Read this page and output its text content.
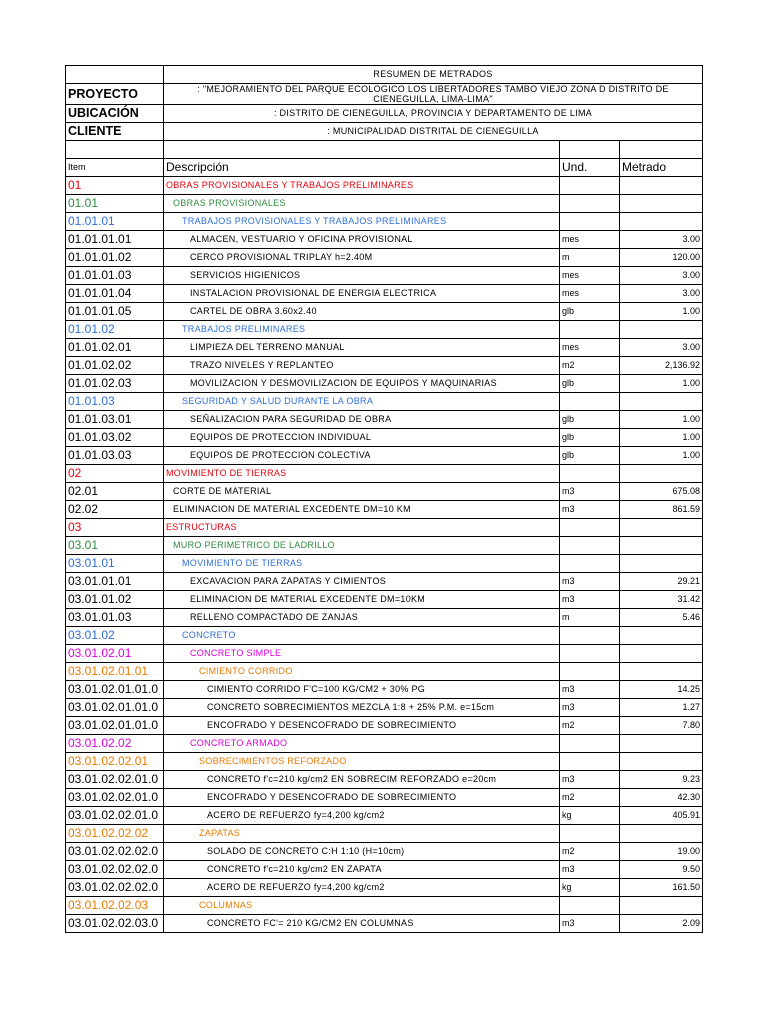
	RESUMEN DE METRADOS		
PROYECTO	: "MEJORAMIENTO DEL PARQUE ECOLOGICO LOS LIBERTADORES TAMBO VIEJO ZONA D DISTRITO DE CIENEGUILLA, LIMA-LIMA"		
UBICACIÓN	: DISTRITO DE CIENEGUILLA, PROVINCIA Y DEPARTAMENTO DE LIMA		
CLIENTE	: MUNICIPALIDAD DISTRITAL DE CIENEGUILLA		

Item	Descripción	Und.	Metrado
01	OBRAS PROVISIONALES Y TRABAJOS PRELIMINARES		
01.01	OBRAS PROVISIONALES		
01.01.01	TRABAJOS PROVISIONALES Y TRABAJOS PRELIMINARES		
01.01.01.01	ALMACEN, VESTUARIO Y OFICINA PROVISIONAL	mes	3.00
01.01.01.02	CERCO PROVISIONAL TRIPLAY h=2.40M	m	120.00
01.01.01.03	SERVICIOS HIGIENICOS	mes	3.00
01.01.01.04	INSTALACION PROVISIONAL DE ENERGIA ELECTRICA	mes	3.00
01.01.01.05	CARTEL DE OBRA 3.60x2.40	glb	1.00
01.01.02	TRABAJOS PRELIMINARES		
01.01.02.01	LIMPIEZA DEL TERRENO MANUAL	mes	3.00
01.01.02.02	TRAZO NIVELES Y REPLANTEO	m2	2,136.92
01.01.02.03	MOVILIZACION Y DESMOVILIZACION DE EQUIPOS Y MAQUINARIAS	glb	1.00
01.01.03	SEGURIDAD Y SALUD DURANTE LA OBRA		
01.01.03.01	SEÑALIZACION PARA SEGURIDAD DE OBRA	glb	1.00
01.01.03.02	EQUIPOS DE PROTECCION INDIVIDUAL	glb	1.00
01.01.03.03	EQUIPOS DE PROTECCION COLECTIVA	glb	1.00
02	MOVIMIENTO DE TIERRAS		
02.01	CORTE DE MATERIAL	m3	675.08
02.02	ELIMINACION DE MATERIAL EXCEDENTE DM=10 KM	m3	861.59
03	ESTRUCTURAS		
03.01	MURO PERIMETRICO DE LADRILLO		
03.01.01	MOVIMIENTO DE TIERRAS		
03.01.01.01	EXCAVACION PARA ZAPATAS Y CIMIENTOS	m3	29.21
03.01.01.02	ELIMINACION DE MATERIAL EXCEDENTE DM=10KM	m3	31.42
03.01.01.03	RELLENO COMPACTADO DE ZANJAS	m	5.46
03.01.02	CONCRETO		
03.01.02.01	CONCRETO SIMPLE		
03.01.02.01.01	CIMIENTO CORRIDO		
03.01.02.01.01.0	CIMIENTO CORRIDO F'C=100 KG/CM2 + 30% PG	m3	14.25
03.01.02.01.01.0	CONCRETO SOBRECIMIENTOS MEZCLA 1:8 + 25% P.M. e=15cm	m3	1.27
03.01.02.01.01.0	ENCOFRADO Y DESENCOFRADO DE SOBRECIMIENTO	m2	7.80
03.01.02.02	CONCRETO ARMADO		
03.01.02.02.01	SOBRECIMIENTOS REFORZADO		
03.01.02.02.01.0	CONCRETO f'c=210 kg/cm2 EN SOBRECIM REFORZADO e=20cm	m3	9.23
03.01.02.02.01.0	ENCOFRADO Y DESENCOFRADO DE SOBRECIMIENTO	m2	42.30
03.01.02.02.01.0	ACERO DE REFUERZO fy=4,200 kg/cm2	kg	405.91
03.01.02.02.02	ZAPATAS		
03.01.02.02.02.0	SOLADO DE CONCRETO C:H 1:10 (H=10cm)	m2	19.00
03.01.02.02.02.0	CONCRETO f'c=210 kg/cm2 EN ZAPATA	m3	9.50
03.01.02.02.02.0	ACERO DE REFUERZO fy=4,200 kg/cm2	kg	161.50
03.01.02.02.03	COLUMNAS		
03.01.02.02.03.0	CONCRETO FC'= 210 KG/CM2 EN COLUMNAS	m3	2.09
